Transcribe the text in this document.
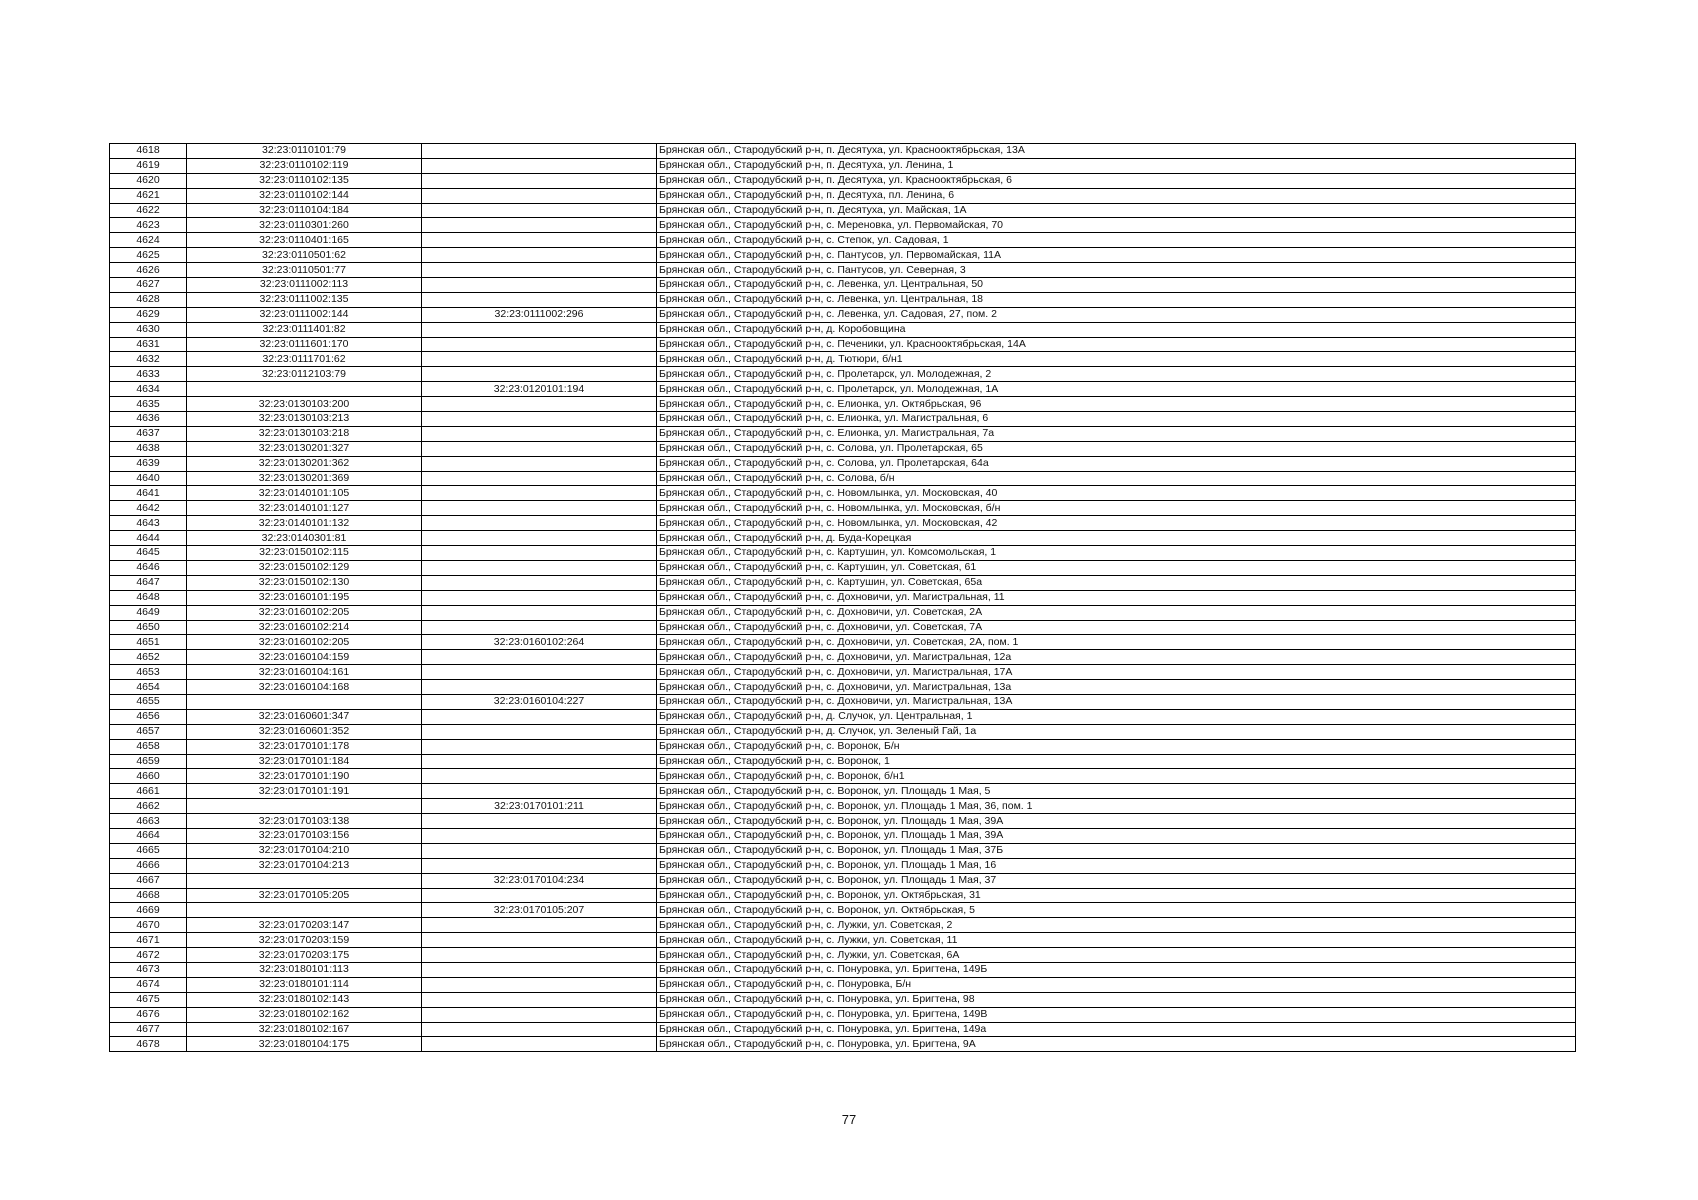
4618	32:23:0110101:79		Брянская обл., Стародубский р-н, п. Десятуха, ул. Краснооктябрьская, 13А
4619	32:23:0110102:119		Брянская обл., Стародубский р-н, п. Десятуха, ул. Ленина, 1
4620	32:23:0110102:135		Брянская обл., Стародубский р-н, п. Десятуха, ул. Краснооктябрьская, 6
4621	32:23:0110102:144		Брянская обл., Стародубский р-н, п. Десятуха, пл. Ленина, 6
4622	32:23:0110104:184		Брянская обл., Стародубский р-н, п. Десятуха, ул. Майская, 1А
4623	32:23:0110301:260		Брянская обл., Стародубский р-н, с. Мереновка, ул. Первомайская, 70
4624	32:23:0110401:165		Брянская обл., Стародубский р-н, с. Степок, ул. Садовая, 1
4625	32:23:0110501:62		Брянская обл., Стародубский р-н, с. Пантусов, ул. Первомайская, 11А
4626	32:23:0110501:77		Брянская обл., Стародубский р-н, с. Пантусов, ул. Северная, 3
4627	32:23:0111002:113		Брянская обл., Стародубский р-н, с. Левенка, ул. Центральная, 50
4628	32:23:0111002:135		Брянская обл., Стародубский р-н, с. Левенка, ул. Центральная, 18
4629	32:23:0111002:144	32:23:0111002:296	Брянская обл., Стародубский р-н, с. Левенка, ул. Садовая, 27, пом. 2
4630	32:23:0111401:82		Брянская обл., Стародубский р-н, д. Коробовщина
4631	32:23:0111601:170		Брянская обл., Стародубский р-н, с. Печеники, ул. Краснооктябрьская, 14А
4632	32:23:0111701:62		Брянская обл., Стародубский р-н, д. Тютюри, б/н1
4633	32:23:0112103:79		Брянская обл., Стародубский р-н, с. Пролетарск, ул. Молодежная, 2
4634		32:23:0120101:194	Брянская обл., Стародубский р-н, с. Пролетарск, ул. Молодежная, 1А
4635	32:23:0130103:200		Брянская обл., Стародубский р-н, с. Елионка, ул. Октябрьская, 96
4636	32:23:0130103:213		Брянская обл., Стародубский р-н, с. Елионка, ул. Магистральная, 6
4637	32:23:0130103:218		Брянская обл., Стародубский р-н, с. Елионка, ул. Магистральная, 7а
4638	32:23:0130201:327		Брянская обл., Стародубский р-н, с. Солова, ул. Пролетарская, 65
4639	32:23:0130201:362		Брянская обл., Стародубский р-н, с. Солова, ул. Пролетарская, 64а
4640	32:23:0130201:369		Брянская обл., Стародубский р-н, с. Солова, б/н
4641	32:23:0140101:105		Брянская обл., Стародубский р-н, с. Новомлынка, ул. Московская, 40
4642	32:23:0140101:127		Брянская обл., Стародубский р-н, с. Новомлынка, ул. Московская, б/н
4643	32:23:0140101:132		Брянская обл., Стародубский р-н, с. Новомлынка, ул. Московская, 42
4644	32:23:0140301:81		Брянская обл., Стародубский р-н, д. Буда-Корецкая
4645	32:23:0150102:115		Брянская обл., Стародубский р-н, с. Картушин, ул. Комсомольская, 1
4646	32:23:0150102:129		Брянская обл., Стародубский р-н, с. Картушин, ул. Советская, 61
4647	32:23:0150102:130		Брянская обл., Стародубский р-н, с. Картушин, ул. Советская, 65а
4648	32:23:0160101:195		Брянская обл., Стародубский р-н, с. Дохновичи, ул. Магистральная, 11
4649	32:23:0160102:205		Брянская обл., Стародубский р-н, с. Дохновичи, ул. Советская, 2А
4650	32:23:0160102:214		Брянская обл., Стародубский р-н, с. Дохновичи, ул. Советская, 7А
4651	32:23:0160102:205	32:23:0160102:264	Брянская обл., Стародубский р-н, с. Дохновичи, ул. Советская, 2А, пом. 1
4652	32:23:0160104:159		Брянская обл., Стародубский р-н, с. Дохновичи, ул. Магистральная, 12а
4653	32:23:0160104:161		Брянская обл., Стародубский р-н, с. Дохновичи, ул. Магистральная, 17А
4654	32:23:0160104:168		Брянская обл., Стародубский р-н, с. Дохновичи, ул. Магистральная, 13а
4655		32:23:0160104:227	Брянская обл., Стародубский р-н, с. Дохновичи, ул. Магистральная, 13А
4656	32:23:0160601:347		Брянская обл., Стародубский р-н, д. Случок, ул. Центральная, 1
4657	32:23:0160601:352		Брянская обл., Стародубский р-н, д. Случок, ул. Зеленый Гай, 1а
4658	32:23:0170101:178		Брянская обл., Стародубский р-н, с. Воронок, Б/н
4659	32:23:0170101:184		Брянская обл., Стародубский р-н, с. Воронок, 1
4660	32:23:0170101:190		Брянская обл., Стародубский р-н, с. Воронок, б/н1
4661	32:23:0170101:191		Брянская обл., Стародубский р-н, с. Воронок, ул. Площадь 1 Мая, 5
4662		32:23:0170101:211	Брянская обл., Стародубский р-н, с. Воронок, ул. Площадь 1 Мая, 36, пом. 1
4663	32:23:0170103:138		Брянская обл., Стародубский р-н, с. Воронок, ул. Площадь 1 Мая, 39А
4664	32:23:0170103:156		Брянская обл., Стародубский р-н, с. Воронок, ул. Площадь 1 Мая, 39А
4665	32:23:0170104:210		Брянская обл., Стародубский р-н, с. Воронок, ул. Площадь 1 Мая, 37Б
4666	32:23:0170104:213		Брянская обл., Стародубский р-н, с. Воронок, ул. Площадь 1 Мая, 16
4667		32:23:0170104:234	Брянская обл., Стародубский р-н, с. Воронок, ул. Площадь 1 Мая, 37
4668	32:23:0170105:205		Брянская обл., Стародубский р-н, с. Воронок, ул. Октябрьская, 31
4669		32:23:0170105:207	Брянская обл., Стародубский р-н, с. Воронок, ул. Октябрьская, 5
4670	32:23:0170203:147		Брянская обл., Стародубский р-н, с. Лужки, ул. Советская, 2
4671	32:23:0170203:159		Брянская обл., Стародубский р-н, с. Лужки, ул. Советская, 11
4672	32:23:0170203:175		Брянская обл., Стародубский р-н, с. Лужки, ул. Советская, 6А
4673	32:23:0180101:113		Брянская обл., Стародубский р-н, с. Понуровка, ул. Бригтена, 149Б
4674	32:23:0180101:114		Брянская обл., Стародубский р-н, с. Понуровка, Б/н
4675	32:23:0180102:143		Брянская обл., Стародубский р-н, с. Понуровка, ул. Бригтена, 98
4676	32:23:0180102:162		Брянская обл., Стародубский р-н, с. Понуровка, ул. Бригтена, 149В
4677	32:23:0180102:167		Брянская обл., Стародубский р-н, с. Понуровка, ул. Бригтена, 149а
4678	32:23:0180104:175		Брянская обл., Стародубский р-н, с. Понуровка, ул. Бригтена, 9А
77
